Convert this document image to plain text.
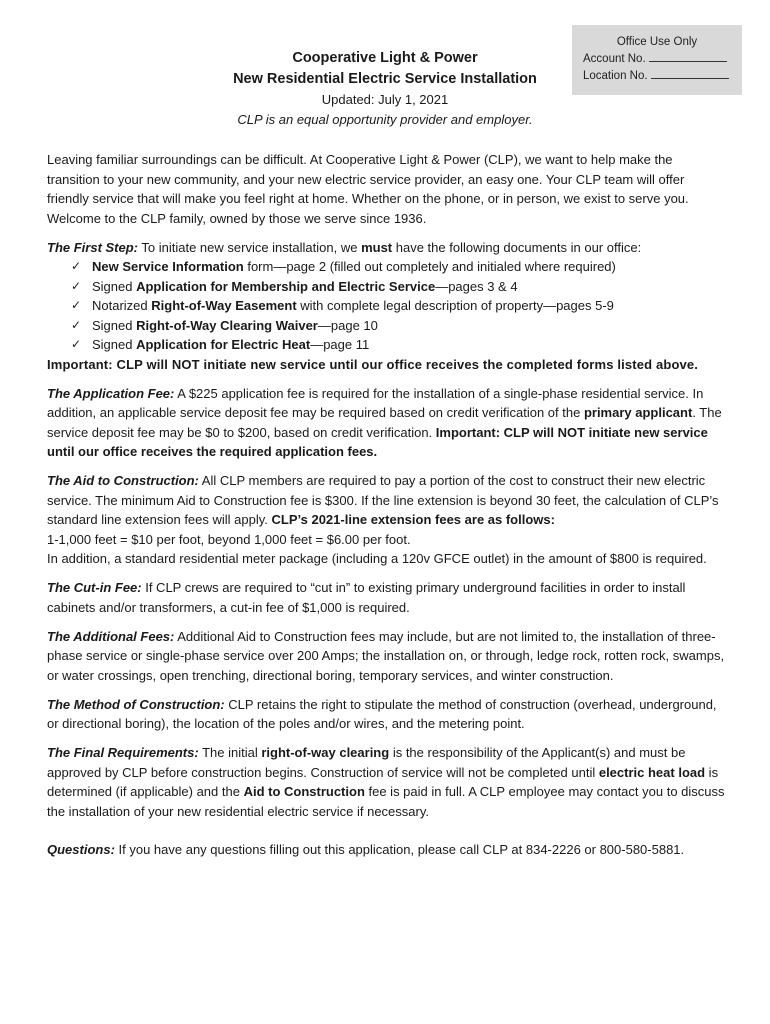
Office Use Only
Account No.
Location No.
Cooperative Light & Power
New Residential Electric Service Installation
Updated: July 1, 2021
CLP is an equal opportunity provider and employer.

Leaving familiar surroundings can be difficult. At Cooperative Light & Power (CLP), we want to help make the transition to your new community, and your new electric service provider, an easy one. Your CLP team will offer friendly service that will make you feel right at home. Whether on the phone, or in person, we exist to serve you. Welcome to the CLP family, owned by those we serve since 1936.

The First Step: To initiate new service installation, we must have the following documents in our office:
✓ New Service Information form—page 2 (filled out completely and initialed where required)
✓ Signed Application for Membership and Electric Service—pages 3 & 4
✓ Notarized Right-of-Way Easement with complete legal description of property—pages 5-9
✓ Signed Right-of-Way Clearing Waiver—page 10
✓ Signed Application for Electric Heat—page 11
Important: CLP will NOT initiate new service until our office receives the completed forms listed above.

The Application Fee: A $225 application fee is required for the installation of a single-phase residential service. In addition, an applicable service deposit fee may be required based on credit verification of the primary applicant. The service deposit fee may be $0 to $200, based on credit verification. Important: CLP will NOT initiate new service until our office receives the required application fees.

The Aid to Construction: All CLP members are required to pay a portion of the cost to construct their new electric service. The minimum Aid to Construction fee is $300. If the line extension is beyond 30 feet, the calculation of CLP’s standard line extension fees will apply. CLP’s 2021-line extension fees are as follows:
1-1,000 feet = $10 per foot, beyond 1,000 feet = $6.00 per foot.
In addition, a standard residential meter package (including a 120v GFCE outlet) in the amount of $800 is required.

The Cut-in Fee: If CLP crews are required to “cut in” to existing primary underground facilities in order to install cabinets and/or transformers, a cut-in fee of $1,000 is required.

The Additional Fees: Additional Aid to Construction fees may include, but are not limited to, the installation of three-phase service or single-phase service over 200 Amps; the installation on, or through, ledge rock, rotten rock, swamps, or water crossings, open trenching, directional boring, temporary services, and winter construction.

The Method of Construction: CLP retains the right to stipulate the method of construction (overhead, underground, or directional boring), the location of the poles and/or wires, and the metering point.

The Final Requirements: The initial right-of-way clearing is the responsibility of the Applicant(s) and must be approved by CLP before construction begins. Construction of service will not be completed until electric heat load is determined (if applicable) and the Aid to Construction fee is paid in full. A CLP employee may contact you to discuss the installation of your new residential electric service if necessary.

Questions: If you have any questions filling out this application, please call CLP at 834-2226 or 800-580-5881.
